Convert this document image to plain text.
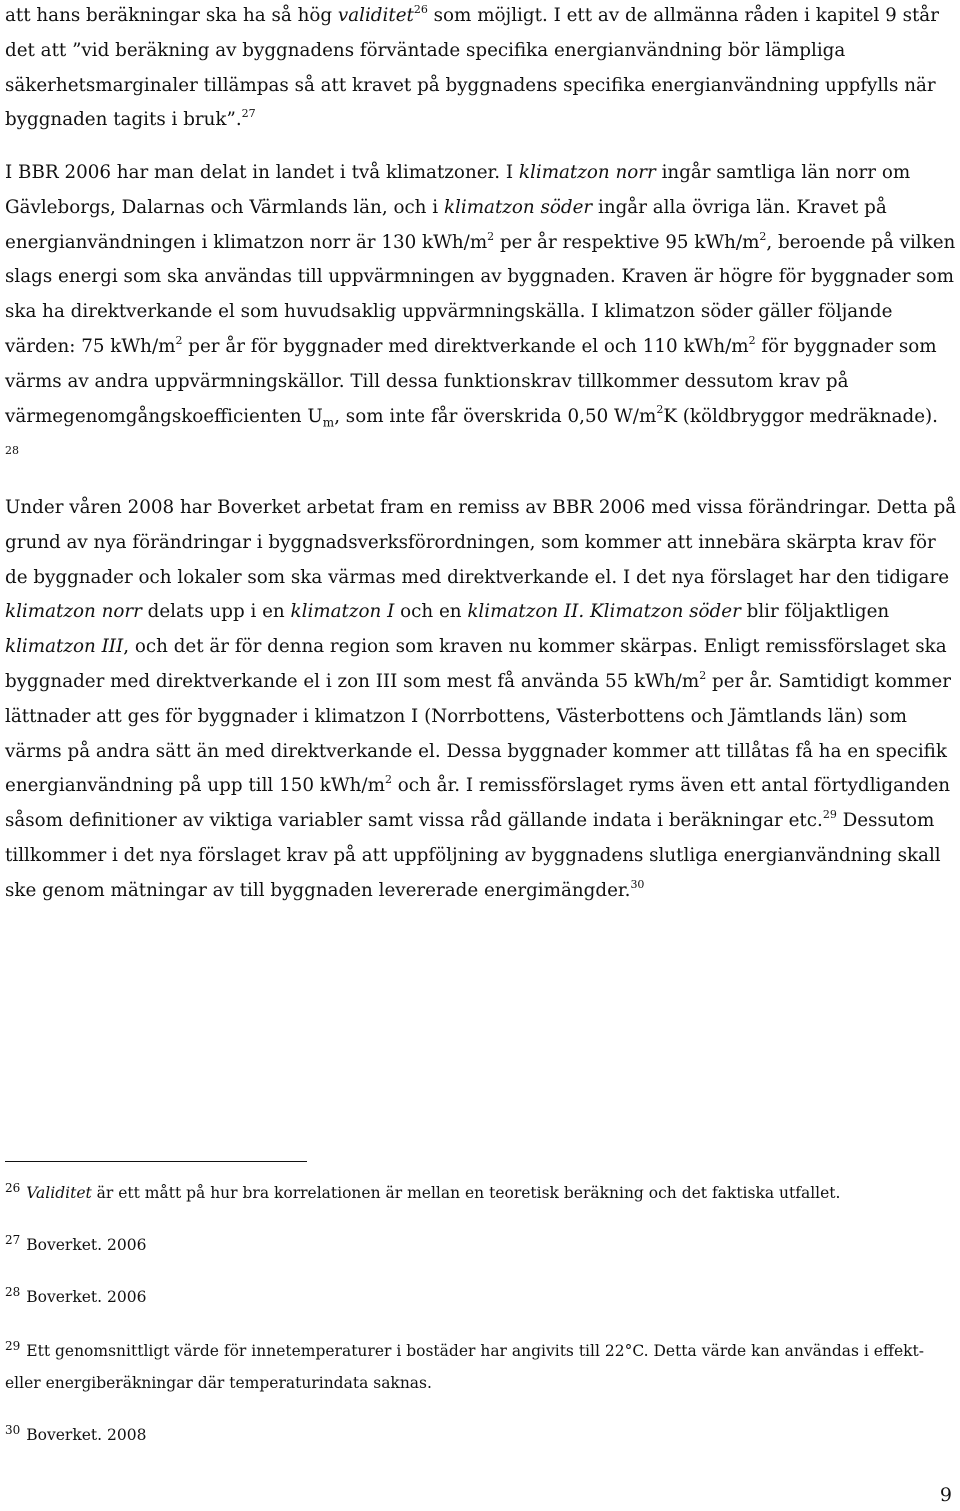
att hans beräkningar ska ha så hög validitet$^{26}$ som möjligt. I ett av de allmänna råden i kapitel 9 står det att ”vid beräkning av byggnadens förväntade specifika energianvändning bör lämpliga säkerhetsmarginaler tillämpas så att kravet på byggnadens specifika energianvändning uppfylls när byggnaden tagits i bruk”.$^{27}$

I BBR 2006 har man delat in landet i två klimatzoner. I klimatzon norr ingår samtliga län norr om Gävleborgs, Dalarnas och Värmlands län, och i klimatzon söder ingår alla övriga län. Kravet på energianvändningen i klimatzon norr är 130 kWh/$m^2$ per år respektive 95 kWh/$m^2$, beroende på vilken slags energi som ska användas till uppvärmningen av byggnaden. Kraven är högre för byggnader som ska ha direktverkande el som huvudsaklig uppvärmningskälla. I klimatzon söder gäller följande värden: 75 kWh/$m^2$ per år för byggnader med direktverkande el och 110 kWh/$m^2$ för byggnader som värms av andra uppvärmningskällor. Till dessa funktionskrav tillkommer dessutom krav på värmegenomgångskoefficienten $U_m$, som inte får överskrida 0,50 $W/m^2K$ (köldbryggor medräknade). $^{28}$

Under våren 2008 har Boverket arbetat fram en remiss av BBR 2006 med vissa förändringar. Detta på grund av nya förändringar i byggnadsverksförordningen, som kommer att innebära skärpta krav för de byggnader och lokaler som ska värmas med direktverkande el. I det nya förslaget har den tidigare klimatzon norr delats upp i en klimatzon I och en klimatzon II. Klimatzon söder blir följaktligen klimatzon III, och det är för denna region som kraven nu kommer skärpas. Enligt remissförslaget ska byggnader med direktverkande el i zon III som mest få använda 55 kWh/$m^2$ per år. Samtidigt kommer lättnader att ges för byggnader i klimatzon I (Norrbottens, Västerbottens och Jämtlands län) som värms på andra sätt än med direktverkande el. Dessa byggnader kommer att tillåtas få ha en specifik energianvändning på upp till 150 kWh/$m^2$ och år. I remissförslaget ryms även ett antal förtydliganden såsom definitioner av viktiga variabler samt vissa råd gällande indata i beräkningar etc.$^{29}$ Dessutom tillkommer i det nya förslaget krav på att uppföljning av byggnadens slutliga energianvändning skall ske genom mätningar av till byggnaden levererade energimängder.$^{30}$

$^{26}$ Validitet är ett mått på hur bra korrelationen är mellan en teoretisk beräkning och det faktiska utfallet.

$^{27}$ Boverket. 2006

$^{28}$ Boverket. 2006

$^{29}$ Ett genomsnittligt värde för innetemperaturer i bostäder har angivits till 22°C. Detta värde kan användas i effekt- eller energiberäkningar där temperaturindata saknas.

$^{30}$ Boverket. 2008

9
